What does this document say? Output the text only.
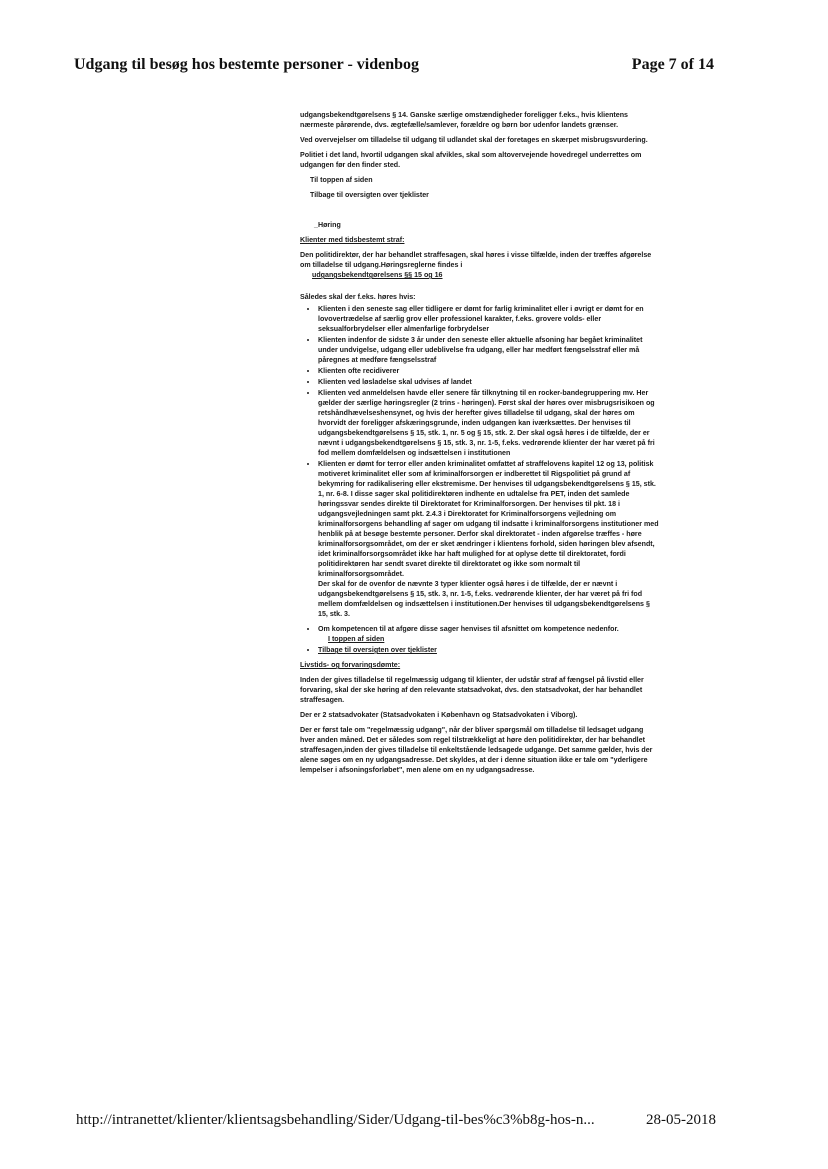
Udgang til besøg hos bestemte personer - videnbog	Page 7 of 14

udgangsbekendtgørelsens § 14. Ganske særlige omstændigheder foreligger f.eks., hvis klientens nærmeste pårørende, dvs. ægtefælle/samlever, forældre og børn bor udenfor landets grænser.

Ved overvejelser om tilladelse til udgang til udlandet skal der foretages en skærpet misbrugsvurdering.

Politiet i det land, hvortil udgangen skal afvikles, skal som altovervejende hovedregel underrettes om udgangen før den finder sted.

Til toppen af siden
Tilbage til oversigten over tjeklister
_Høring
Klienter med tidsbestemt straf:

Den politidirektør, der har behandlet straffesagen, skal høres i visse tilfælde, inden der træffes afgørelse om tilladelse til udgang.Høringsreglerne findes i
udgangsbekendtgørelsens §§ 15 og 16

Således skal der f.eks. høres hvis:

• Klienten i den seneste sag eller tidligere er dømt for farlig kriminalitet eller i øvrigt er dømt for en lovovertrædelse af særlig grov eller professionel karakter, f.eks. grovere volds- eller seksualforbrydelser eller almenfarlige forbrydelser
• Klienten indenfor de sidste 3 år under den seneste eller aktuelle afsoning har begået kriminalitet under undvigelse, udgang eller udeblivelse fra udgang, eller har medført fængselsstraf eller må påregnes at medføre fængselsstraf
• Klienten ofte recidiverer
• Klienten ved løsladelse skal udvises af landet
• Klienten ved anmeldelsen havde eller senere får tilknytning til en rocker-bandegruppering mv. Her gælder der særlige høringsregler (2 trins - høringen). Først skal der høres over misbrugsrisikoen og retshåndhævelseshensynet, og hvis der herefter gives tilladelse til udgang, skal der høres om hvorvidt der foreligger afskæringsgrunde, inden udgangen kan iværksættes. Der henvises til udgangsbekendtgørelsens § 15, stk. 1, nr. 5 og § 15, stk. 2. Der skal også høres i de tilfælde, der er nævnt i udgangsbekendtgørelsens § 15, stk. 3, nr. 1-5, f.eks. vedrørende klienter der har været på fri fod mellem domfældelsen og indsættelsen i institutionen
• Klienten er dømt for terror eller anden kriminalitet omfattet af straffelovens kapitel 12 og 13, politisk motiveret kriminalitet eller som af kriminalforsorgen er indberettet til Rigspolitiet på grund af bekymring for radikalisering eller ekstremisme. Der henvises til udgangsbekendtgørelsens § 15, stk. 1, nr. 6-8. I disse sager skal politidirektøren indhente en udtalelse fra PET, inden det samlede høringssvar sendes direkte til Direktoratet for Kriminalforsorgen. Der henvises til pkt. 18 i udgangsvejledningen samt pkt. 2.4.3 i Direktoratet for Kriminalforsorgens vejledning om kriminalforsorgens behandling af sager om udgang til indsatte i kriminalforsorgens institutioner med henblik på at besøge bestemte personer. Derfor skal direktoratet - inden afgørelse træffes - høre kriminalforsorgsområdet, om der er sket ændringer i klientens forhold, siden høringen blev afsendt, idet kriminalforsorgsområdet ikke har haft mulighed for at oplyse dette til direktoratet, fordi politidirektøren har sendt svaret direkte til direktoratet og ikke som normalt til kriminalforsorgsområdet.
Der skal for de ovenfor de nævnte 3 typer klienter også høres i de tilfælde, der er nævnt i udgangsbekendtgørelsens § 15, stk. 3, nr. 1-5, f.eks. vedrørende klienter, der har været på fri fod mellem domfældelsen og indsættelsen i institutionen.Der henvises til udgangsbekendtgørelsens § 15, stk. 3.
• Om kompetencen til at afgøre disse sager henvises til afsnittet om kompetence nedenfor.
I toppen af siden
• Tilbage til oversigten over tjeklister
Livstids- og forvaringsdømte:

Inden der gives tilladelse til regelmæssig udgang til klienter, der udstår straf af fængsel på livstid eller forvaring, skal der ske høring af den relevante statsadvokat, dvs. den statsadvokat, der har behandlet straffesagen.

Der er 2 statsadvokater (Statsadvokaten i København og Statsadvokaten i Viborg).

Der er først tale om "regelmæssig udgang", når der bliver spørgsmål om tilladelse til ledsaget udgang hver anden måned. Det er således som regel tilstrækkeligt at høre den politidirektør, der har behandlet straffesagen,inden der gives tilladelse til enkeltstående ledsagede udgange. Det samme gælder, hvis der alene søges om en ny udgangsadresse. Det skyldes, at der i denne situation ikke er tale om "yderligere lempelser i afsoningsforløbet", men alene om en ny udgangsadresse.

http://intranettet/klienter/klientsagsbehandling/Sider/Udgang-til-bes%c3%b8g-hos-n...	28-05-2018
